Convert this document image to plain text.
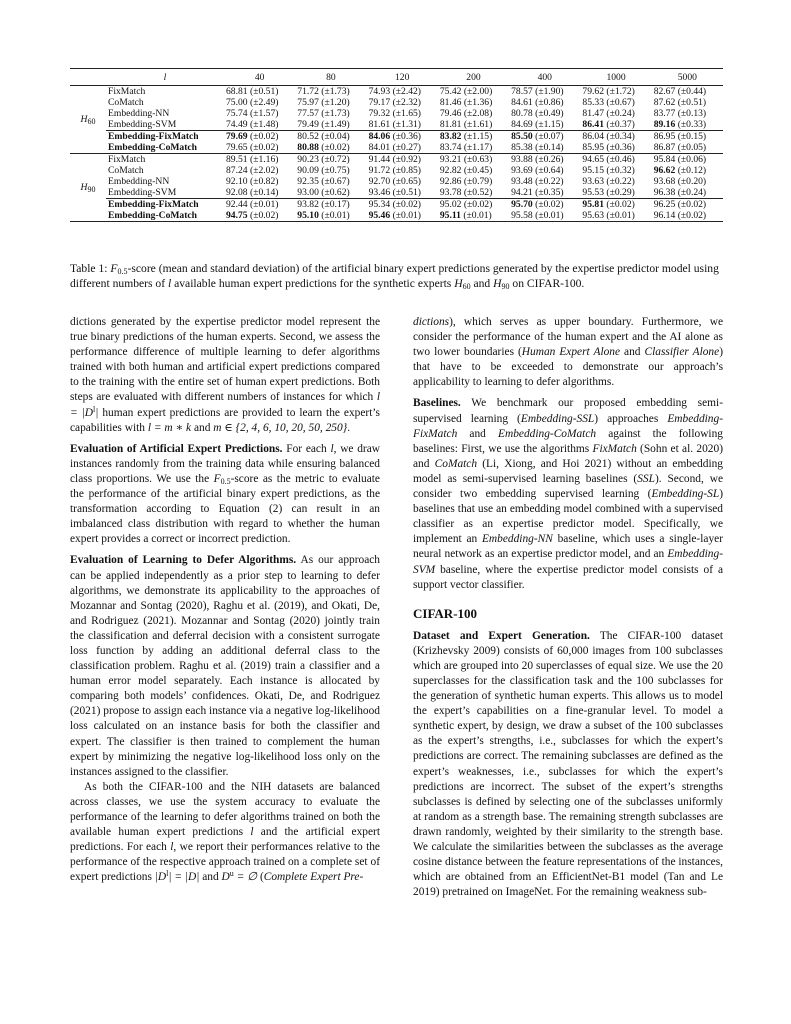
	l	40	80	120	200	400	1000	5000
$H_{60}$	FixMatch	68.81 (±0.51)	71.72 (±1.73)	74.93 (±2.42)	75.42 (±2.00)	78.57 (±1.90)	79.62 (±1.72)	82.67 (±0.44)
	CoMatch	75.00 (±2.49)	75.97 (±1.20)	79.17 (±2.32)	81.46 (±1.36)	84.61 (±0.86)	85.33 (±0.67)	87.62 (±0.51)
	Embedding-NN	75.74 (±1.57)	77.57 (±1.73)	79.32 (±1.65)	79.46 (±2.08)	80.78 (±0.49)	81.47 (±0.24)	83.77 (±0.13)
	Embedding-SVM	74.49 (±1.48)	79.49 (±1.49)	81.61 (±1.31)	81.81 (±1.61)	84.69 (±1.15)	86.41 (±0.37)	89.16 (±0.33)
	Embedding-FixMatch	79.69 (±0.02)	80.52 (±0.04)	84.06 (±0.36)	83.82 (±1.15)	85.50 (±0.07)	86.04 (±0.34)	86.95 (±0.15)
	Embedding-CoMatch	79.65 (±0.02)	80.88 (±0.02)	84.01 (±0.27)	83.74 (±1.17)	85.38 (±0.14)	85.95 (±0.36)	86.87 (±0.05)
$H_{90}$	FixMatch	89.51 (±1.16)	90.23 (±0.72)	91.44 (±0.92)	93.21 (±0.63)	93.88 (±0.26)	94.65 (±0.46)	95.84 (±0.06)
	CoMatch	87.24 (±2.02)	90.09 (±0.75)	91.72 (±0.85)	92.82 (±0.45)	93.69 (±0.64)	95.15 (±0.32)	96.62 (±0.12)
	Embedding-NN	92.10 (±0.82)	92.35 (±0.67)	92.70 (±0.65)	92.86 (±0.79)	93.48 (±0.22)	93.63 (±0.22)	93.68 (±0.20)
	Embedding-SVM	92.08 (±0.14)	93.00 (±0.62)	93.46 (±0.51)	93.78 (±0.52)	94.21 (±0.35)	95.53 (±0.29)	96.38 (±0.24)
	Embedding-FixMatch	92.44 (±0.01)	93.82 (±0.17)	95.34 (±0.02)	95.02 (±0.02)	95.70 (±0.02)	95.81 (±0.02)	96.25 (±0.02)
	Embedding-CoMatch	94.75 (±0.02)	95.10 (±0.01)	95.46 (±0.01)	95.11 (±0.01)	95.58 (±0.01)	95.63 (±0.01)	96.14 (±0.02)
Table 1: $F_{0.5}$-score (mean and standard deviation) of the artificial binary expert predictions generated by the expertise predictor model using different numbers of l available human expert predictions for the synthetic experts $H_{60}$ and $H_{90}$ on CIFAR-100.

dictions generated by the expertise predictor model represent the true binary predictions of the human experts. Second, we assess the performance difference of multiple learning to defer algorithms trained with both human and artificial expert predictions compared to the training with the entire set of human expert predictions. Both steps are evaluated with different numbers of instances for which $l = |D^l|$ human expert predictions are provided to learn the expert’s capabilities with l = m ∗ k and m ∈ {2, 4, 6, 10, 20, 50, 250}.

Evaluation of Artificial Expert Predictions. For each l, we draw instances randomly from the training data while ensuring balanced class proportions. We use the $F_{0.5}$-score as the metric to evaluate the performance of the artificial binary expert predictions, as the transformation according to Equation (2) can result in an imbalanced class distribution with regard to whether the human expert provides a correct or incorrect prediction.

Evaluation of Learning to Defer Algorithms. As our approach can be applied independently as a prior step to learning to defer algorithms, we demonstrate its applicability to the approaches of Mozannar and Sontag (2020), Raghu et al. (2019), and Okati, De, and Rodriguez (2021). Mozannar and Sontag (2020) jointly train the classification and deferral decision with a consistent surrogate loss function by adding an additional deferral class to the classification problem. Raghu et al. (2019) train a classifier and a human error model separately. Each instance is allocated by comparing both models’ confidences. Okati, De, and Rodriguez (2021) propose to assign each instance via a negative log-likelihood loss calculated on an instance basis for both the classifier and expert. The classifier is then trained to complement the human expert by minimizing the negative log-likelihood loss only on the instances assigned to the classifier.

As both the CIFAR-100 and the NIH datasets are balanced across classes, we use the system accuracy to evaluate the performance of the learning to defer algorithms trained on both the available human expert predictions l and the artificial expert predictions. For each l, we report their performances relative to the performance of the respective approach trained on a complete set of expert predictions $|D^l| = |D|$ and $D^u$ = ∅ (Complete Expert Pre-

dictions), which serves as upper boundary. Furthermore, we consider the performance of the human expert and the AI alone as two lower boundaries (Human Expert Alone and Classifier Alone) that have to be exceeded to demonstrate our approach’s applicability to learning to defer algorithms.

Baselines. We benchmark our proposed embedding semi-supervised learning (Embedding-SSL) approaches Embedding-FixMatch and Embedding-CoMatch against the following baselines: First, we use the algorithms FixMatch (Sohn et al. 2020) and CoMatch (Li, Xiong, and Hoi 2021) without an embedding model as semi-supervised learning baselines (SSL). Second, we consider two embedding supervised learning (Embedding-SL) baselines that use an embedding model combined with a supervised classifier as an expertise predictor model. Specifically, we implement an Embedding-NN baseline, which uses a single-layer neural network as an expertise predictor model, and an Embedding-SVM baseline, where the expertise predictor model consists of a support vector classifier.

CIFAR-100

Dataset and Expert Generation. The CIFAR-100 dataset (Krizhevsky 2009) consists of 60,000 images from 100 subclasses which are grouped into 20 superclasses of equal size. We use the 20 superclasses for the classification task and the 100 subclasses for the generation of synthetic human experts. This allows us to model the expert’s capabilities on a fine-granular level. To model a synthetic expert, by design, we draw a subset of the 100 subclasses as the expert’s strengths, i.e., subclasses for which the expert’s predictions are correct. The remaining subclasses are defined as the expert’s weaknesses, i.e., subclasses for which the expert’s predictions are incorrect. The subset of the expert’s strengths subclasses is defined by selecting one of the subclasses uniformly at random as a strength base. The remaining strength subclasses are drawn randomly, weighted by their similarity to the strength base. We calculate the similarities between the subclasses as the average cosine distance between the feature representations of the instances, which are obtained from an EfficientNet-B1 model (Tan and Le 2019) pretrained on ImageNet. For the remaining weakness sub-
